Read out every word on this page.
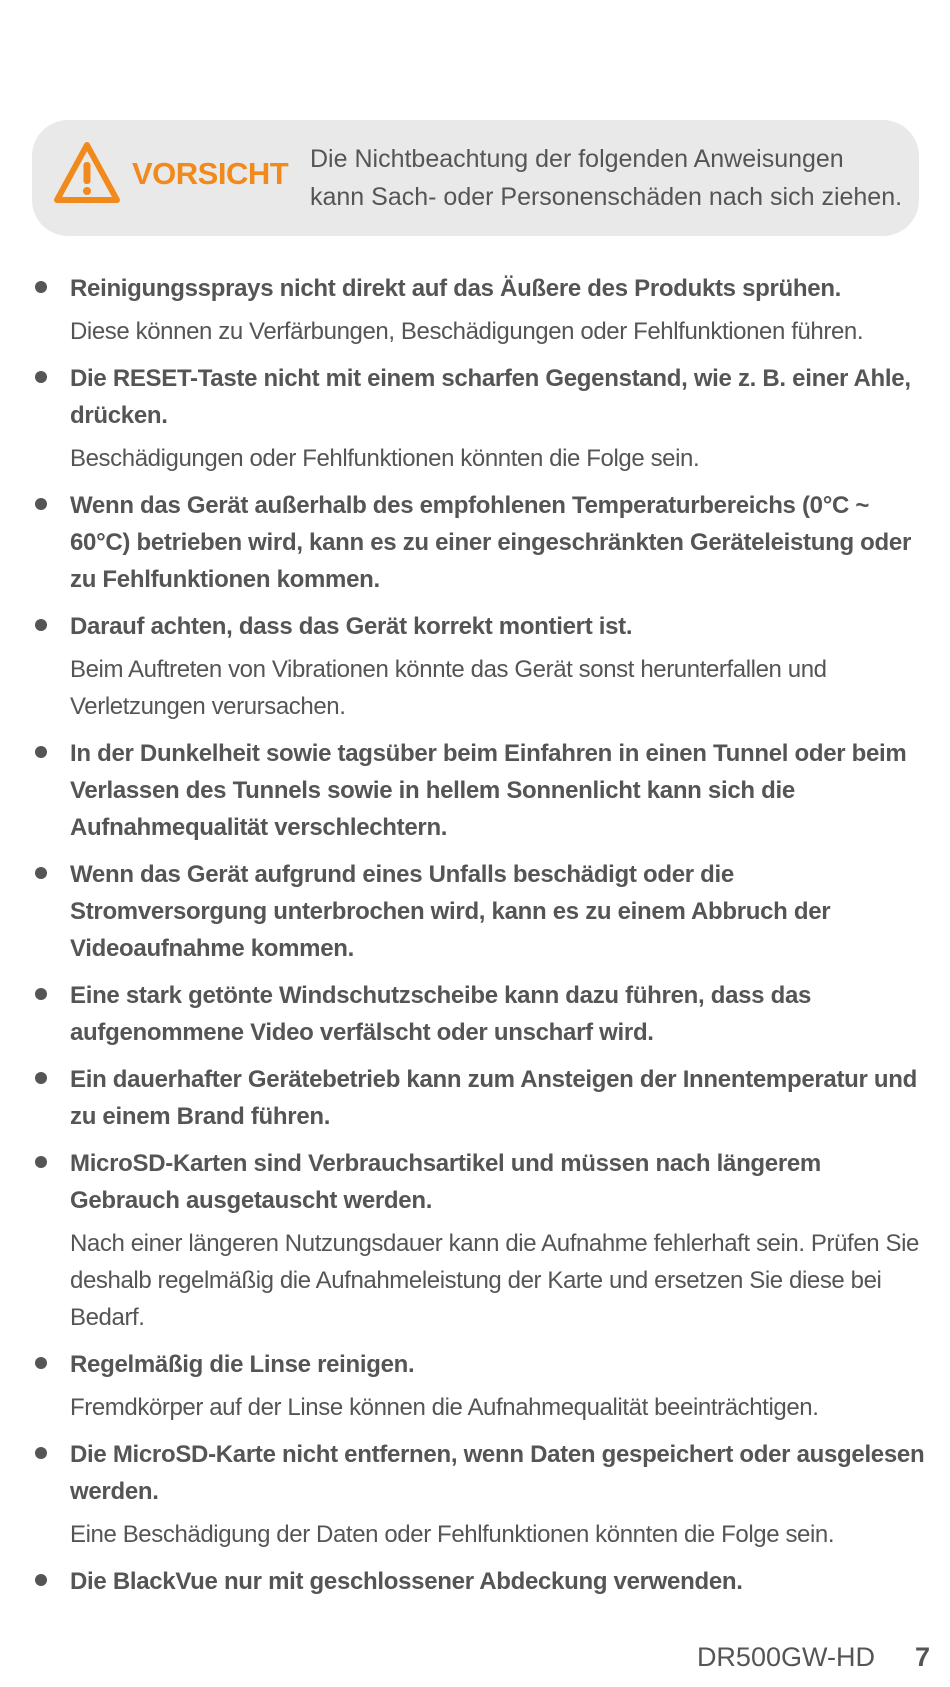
VORSICHT Die Nichtbeachtung der folgenden Anweisungen
kann Sach- oder Personenschäden nach sich ziehen.
Reinigungssprays nicht direkt auf das Äußere des Produkts sprühen.
Diese können zu Verfärbungen, Beschädigungen oder Fehlfunktionen führen.
Die RESET-Taste nicht mit einem scharfen Gegenstand, wie z. B. einer Ahle, drücken.
Beschädigungen oder Fehlfunktionen könnten die Folge sein.
Wenn das Gerät außerhalb des empfohlenen Temperaturbereichs (0°C ~ 60°C) betrieben wird, kann es zu einer eingeschränkten Geräteleistung oder zu Fehlfunktionen kommen.
Darauf achten, dass das Gerät korrekt montiert ist.
Beim Auftreten von Vibrationen könnte das Gerät sonst herunterfallen und Verletzungen verursachen.
In der Dunkelheit sowie tagsüber beim Einfahren in einen Tunnel oder beim Verlassen des Tunnels sowie in hellem Sonnenlicht kann sich die Aufnahmequalität verschlechtern.
Wenn das Gerät aufgrund eines Unfalls beschädigt oder die Stromversorgung unterbrochen wird, kann es zu einem Abbruch der Videoaufnahme kommen.
Eine stark getönte Windschutzscheibe kann dazu führen, dass das aufgenommene Video verfälscht oder unscharf wird.
Ein dauerhafter Gerätebetrieb kann zum Ansteigen der Innentemperatur und zu einem Brand führen.
MicroSD-Karten sind Verbrauchsartikel und müssen nach längerem Gebrauch ausgetauscht werden.
Nach einer längeren Nutzungsdauer kann die Aufnahme fehlerhaft sein. Prüfen Sie deshalb regelmäßig die Aufnahmeleistung der Karte und ersetzen Sie diese bei Bedarf.
Regelmäßig die Linse reinigen.
Fremdkörper auf der Linse können die Aufnahmequalität beeinträchtigen.
Die MicroSD-Karte nicht entfernen, wenn Daten gespeichert oder ausgelesen werden.
Eine Beschädigung der Daten oder Fehlfunktionen könnten die Folge sein.
Die BlackVue nur mit geschlossener Abdeckung verwenden.
DR500GW-HD 7
